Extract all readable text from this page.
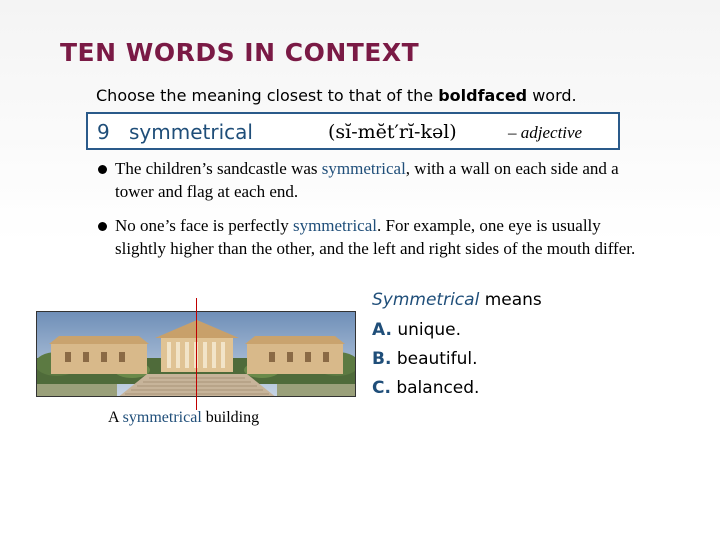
TEN WORDS IN CONTEXT
Choose the meaning closest to that of the boldfaced word.
9 symmetrical	(sĭ-mĕt′rĭ-kəl)	– adjective
The children’s sandcastle was symmetrical, with a wall on each side and a tower and flag at each end.
No one’s face is perfectly symmetrical. For example, one eye is usually slightly higher than the other, and the left and right sides of the mouth differ.
Symmetrical means
A. unique.
B. beautiful.
C. balanced.
A symmetrical building
